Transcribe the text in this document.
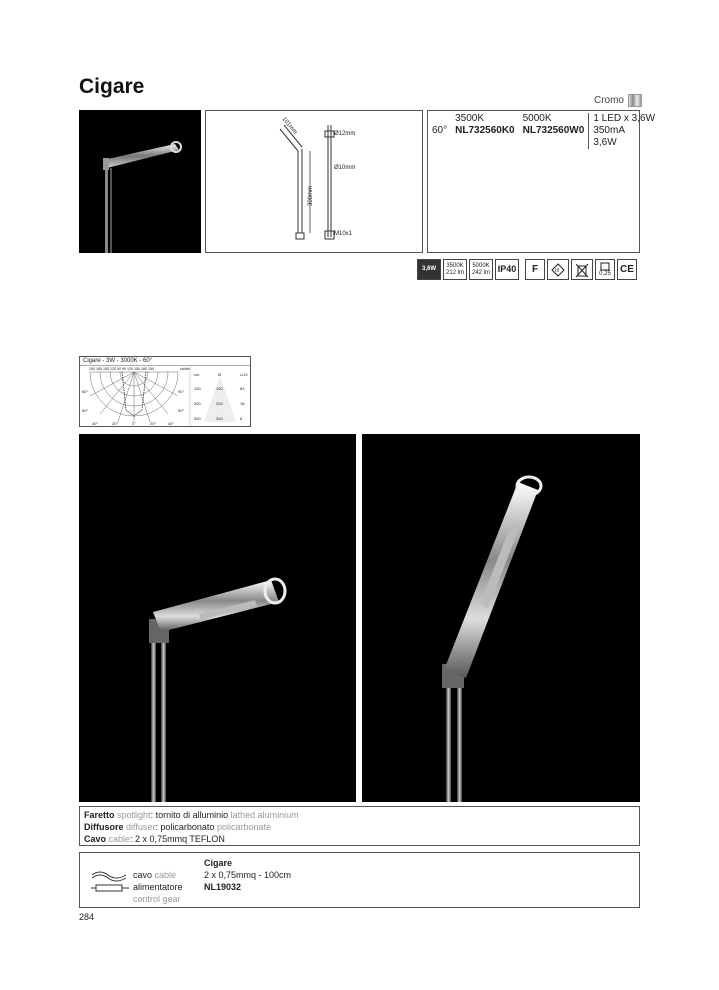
Cigare
Cromo
101mm	Ø12mm
Ø10mm
300mm
M10x1
	3500K	5000K	1 LED x 3,6W
60°	NL732560K0	NL732560W0	350mA
			3,6W
3,6W
3500K
212 lm
5000K
242 lm IP40 F	III	0,25 CE
Cigare - 3W - 3000K - 60°
150 180 150 120 90 90 120 150 180 150	cd/klm
60°
60°
90°
90°
40°	20°	0°	20°	40°
cm	Ø	LUX
100	100	83
200	200	18
300	300	8
Faretto spotlight: tornito di alluminio lathed aluminium
Diffusore diffuser: policarbonato policarbonate
Cavo cable: 2 x 0,75mmq TEFLON
cavo cable
alimentatore
control gear
Cigare
2 x 0,75mmq - 100cm
NL19032
284
